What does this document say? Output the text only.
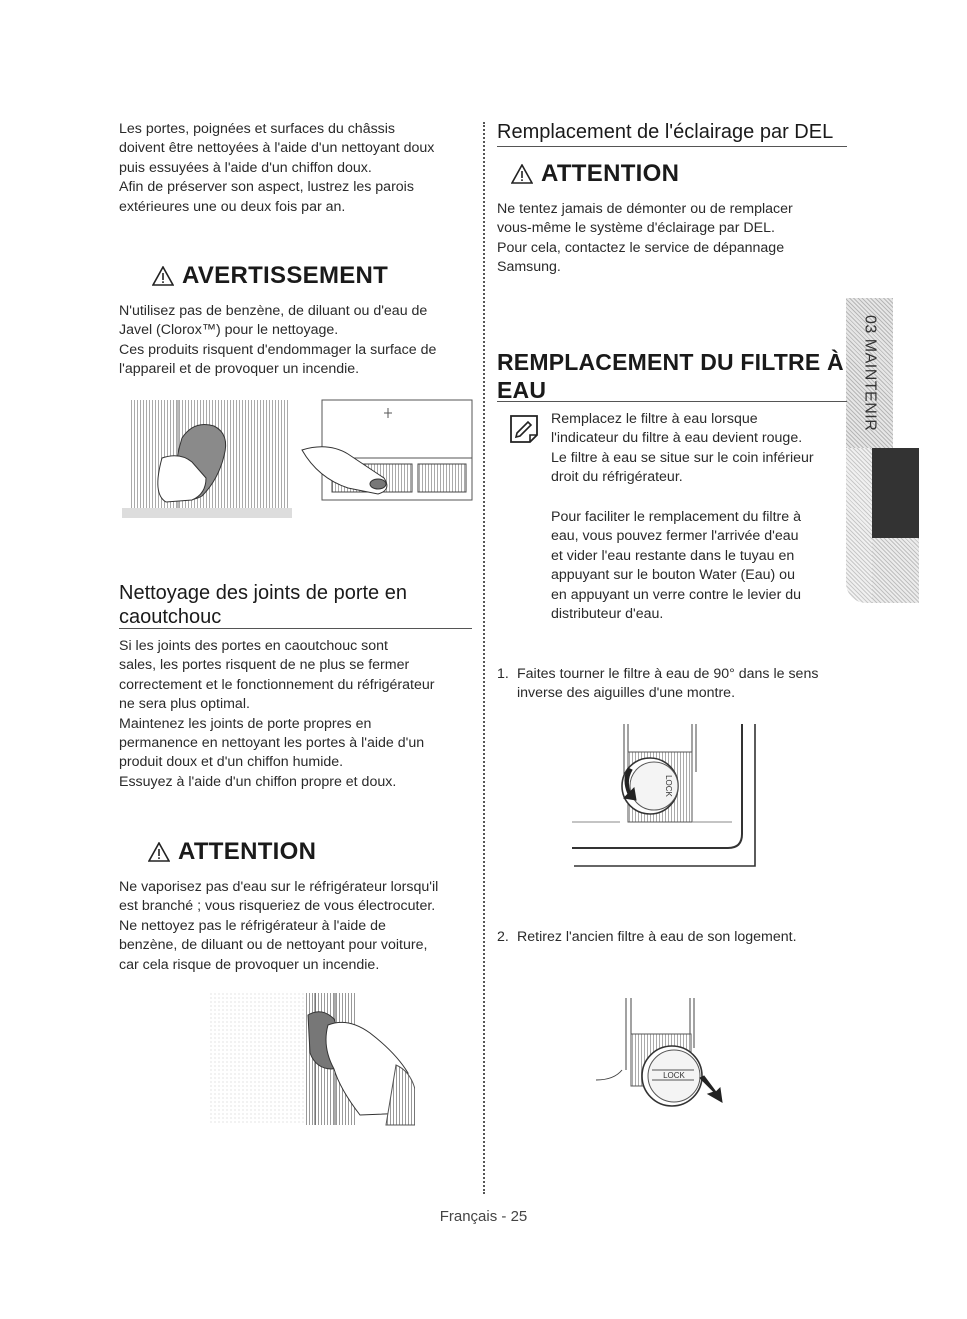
03 MAINTENIR
Les portes, poignées et surfaces du châssis
doivent être nettoyées à l'aide d'un nettoyant doux
puis essuyées à l'aide d'un chiffon doux.
Afin de préserver son aspect, lustrez les parois
extérieures une ou deux fois par an.
AVERTISSEMENT
N'utilisez pas de benzène, de diluant ou d'eau de
Javel (Clorox™) pour le nettoyage.
Ces produits risquent d'endommager la surface de
l'appareil et de provoquer un incendie.
Nettoyage des joints de porte en
caoutchouc
Si les joints des portes en caoutchouc sont
sales, les portes risquent de ne plus se fermer
correctement et le fonctionnement du réfrigérateur
ne sera plus optimal.
Maintenez les joints de porte propres en
permanence en nettoyant les portes à l'aide d'un
produit doux et d'un chiffon humide.
Essuyez à l'aide d'un chiffon propre et doux.
ATTENTION
Ne vaporisez pas d'eau sur le réfrigérateur lorsqu'il
est branché ; vous risqueriez de vous électrocuter.
Ne nettoyez pas le réfrigérateur à l'aide de
benzène, de diluant ou de nettoyant pour voiture,
car cela risque de provoquer un incendie.
Remplacement de l'éclairage par DEL
ATTENTION
Ne tentez jamais de démonter ou de remplacer
vous-même le système d'éclairage par DEL.
Pour cela, contactez le service de dépannage
Samsung.
REMPLACEMENT DU FILTRE À
EAU
Remplacez le filtre à eau lorsque
l'indicateur du filtre à eau devient rouge.
Le filtre à eau se situe sur le coin inférieur
droit du réfrigérateur.
Pour faciliter le remplacement du filtre à
eau, vous pouvez fermer l'arrivée d'eau
et vider l'eau restante dans le tuyau en
appuyant sur le bouton Water (Eau) ou
en appuyant un verre contre le levier du
distributeur d'eau.
1. Faites tourner le filtre à eau de 90° dans le sens
inverse des aiguilles d'une montre.
LOCK
2. Retirez l'ancien filtre à eau de son logement.
LOCK
Français - 25
